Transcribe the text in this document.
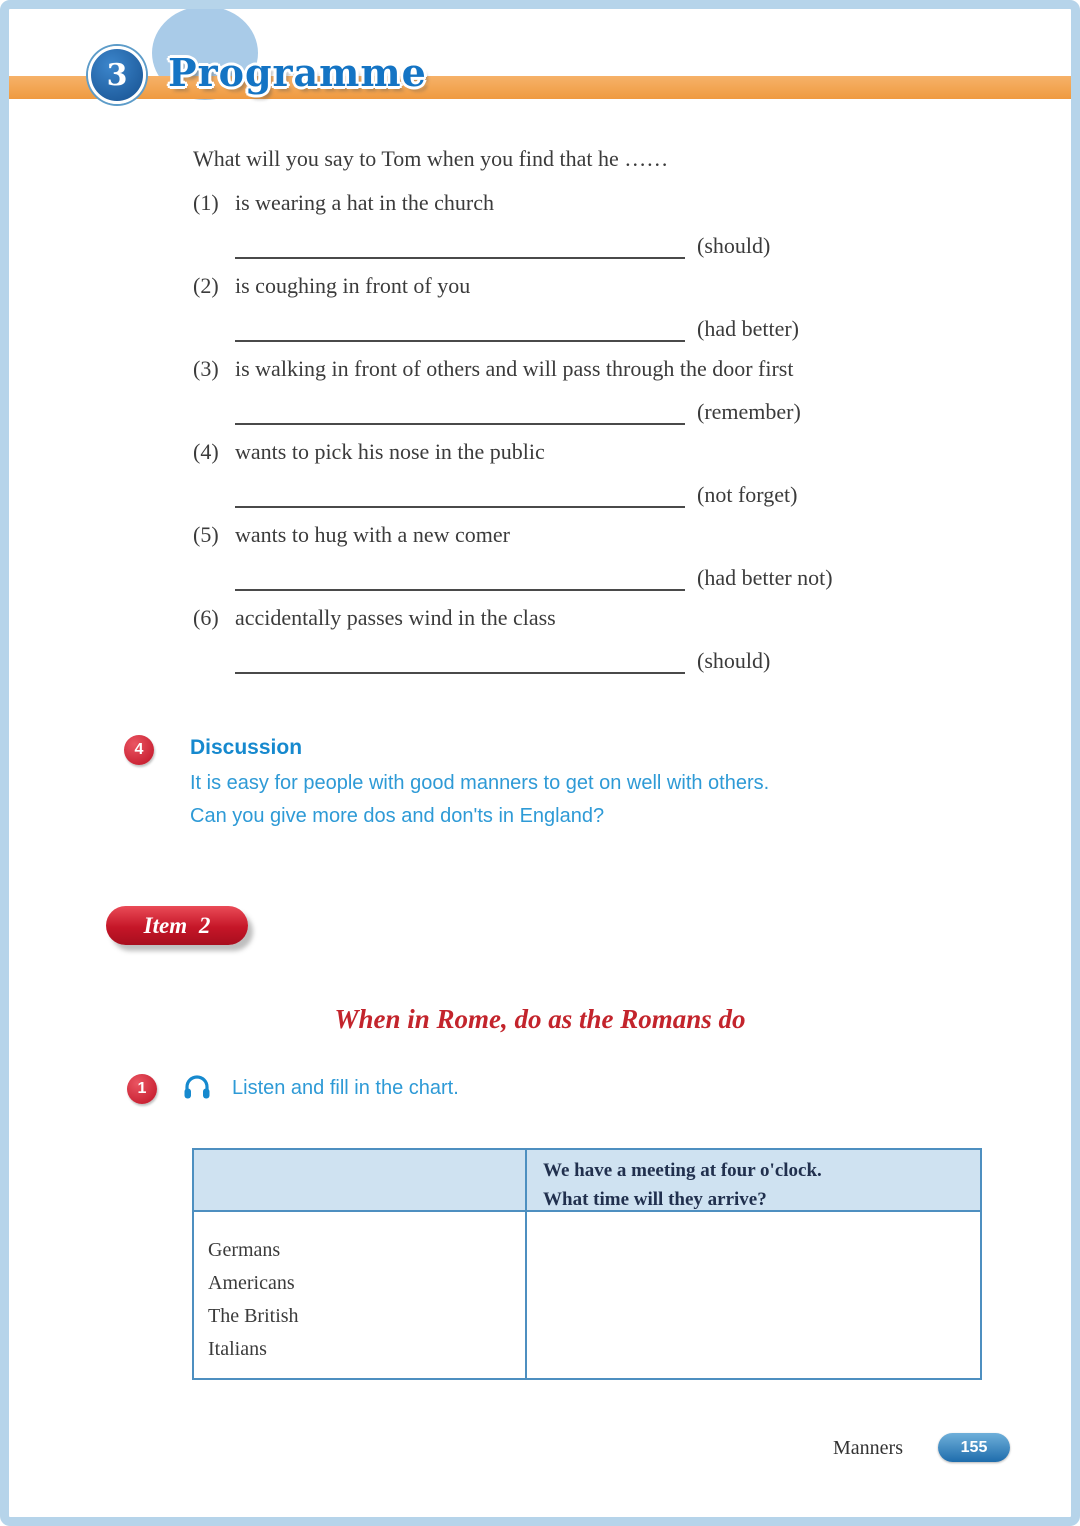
3 Programme
What will you say to Tom when you find that he ……
(1) is wearing a hat in the church
(should)
(2) is coughing in front of you
(had better)
(3) is walking in front of others and will pass through the door first
(remember)
(4) wants to pick his nose in the public
(not forget)
(5) wants to hug with a new comer
(had better not)
(6) accidentally passes wind in the class
(should)
4 Discussion
It is easy for people with good manners to get on well with others.
Can you give more dos and don'ts in England?
Item 2
When in Rome, do as the Romans do
1	Listen and fill in the chart.
We have a meeting at four o'clock.
What time will they arrive?
Germans
Americans
The British
Italians
Manners	155
